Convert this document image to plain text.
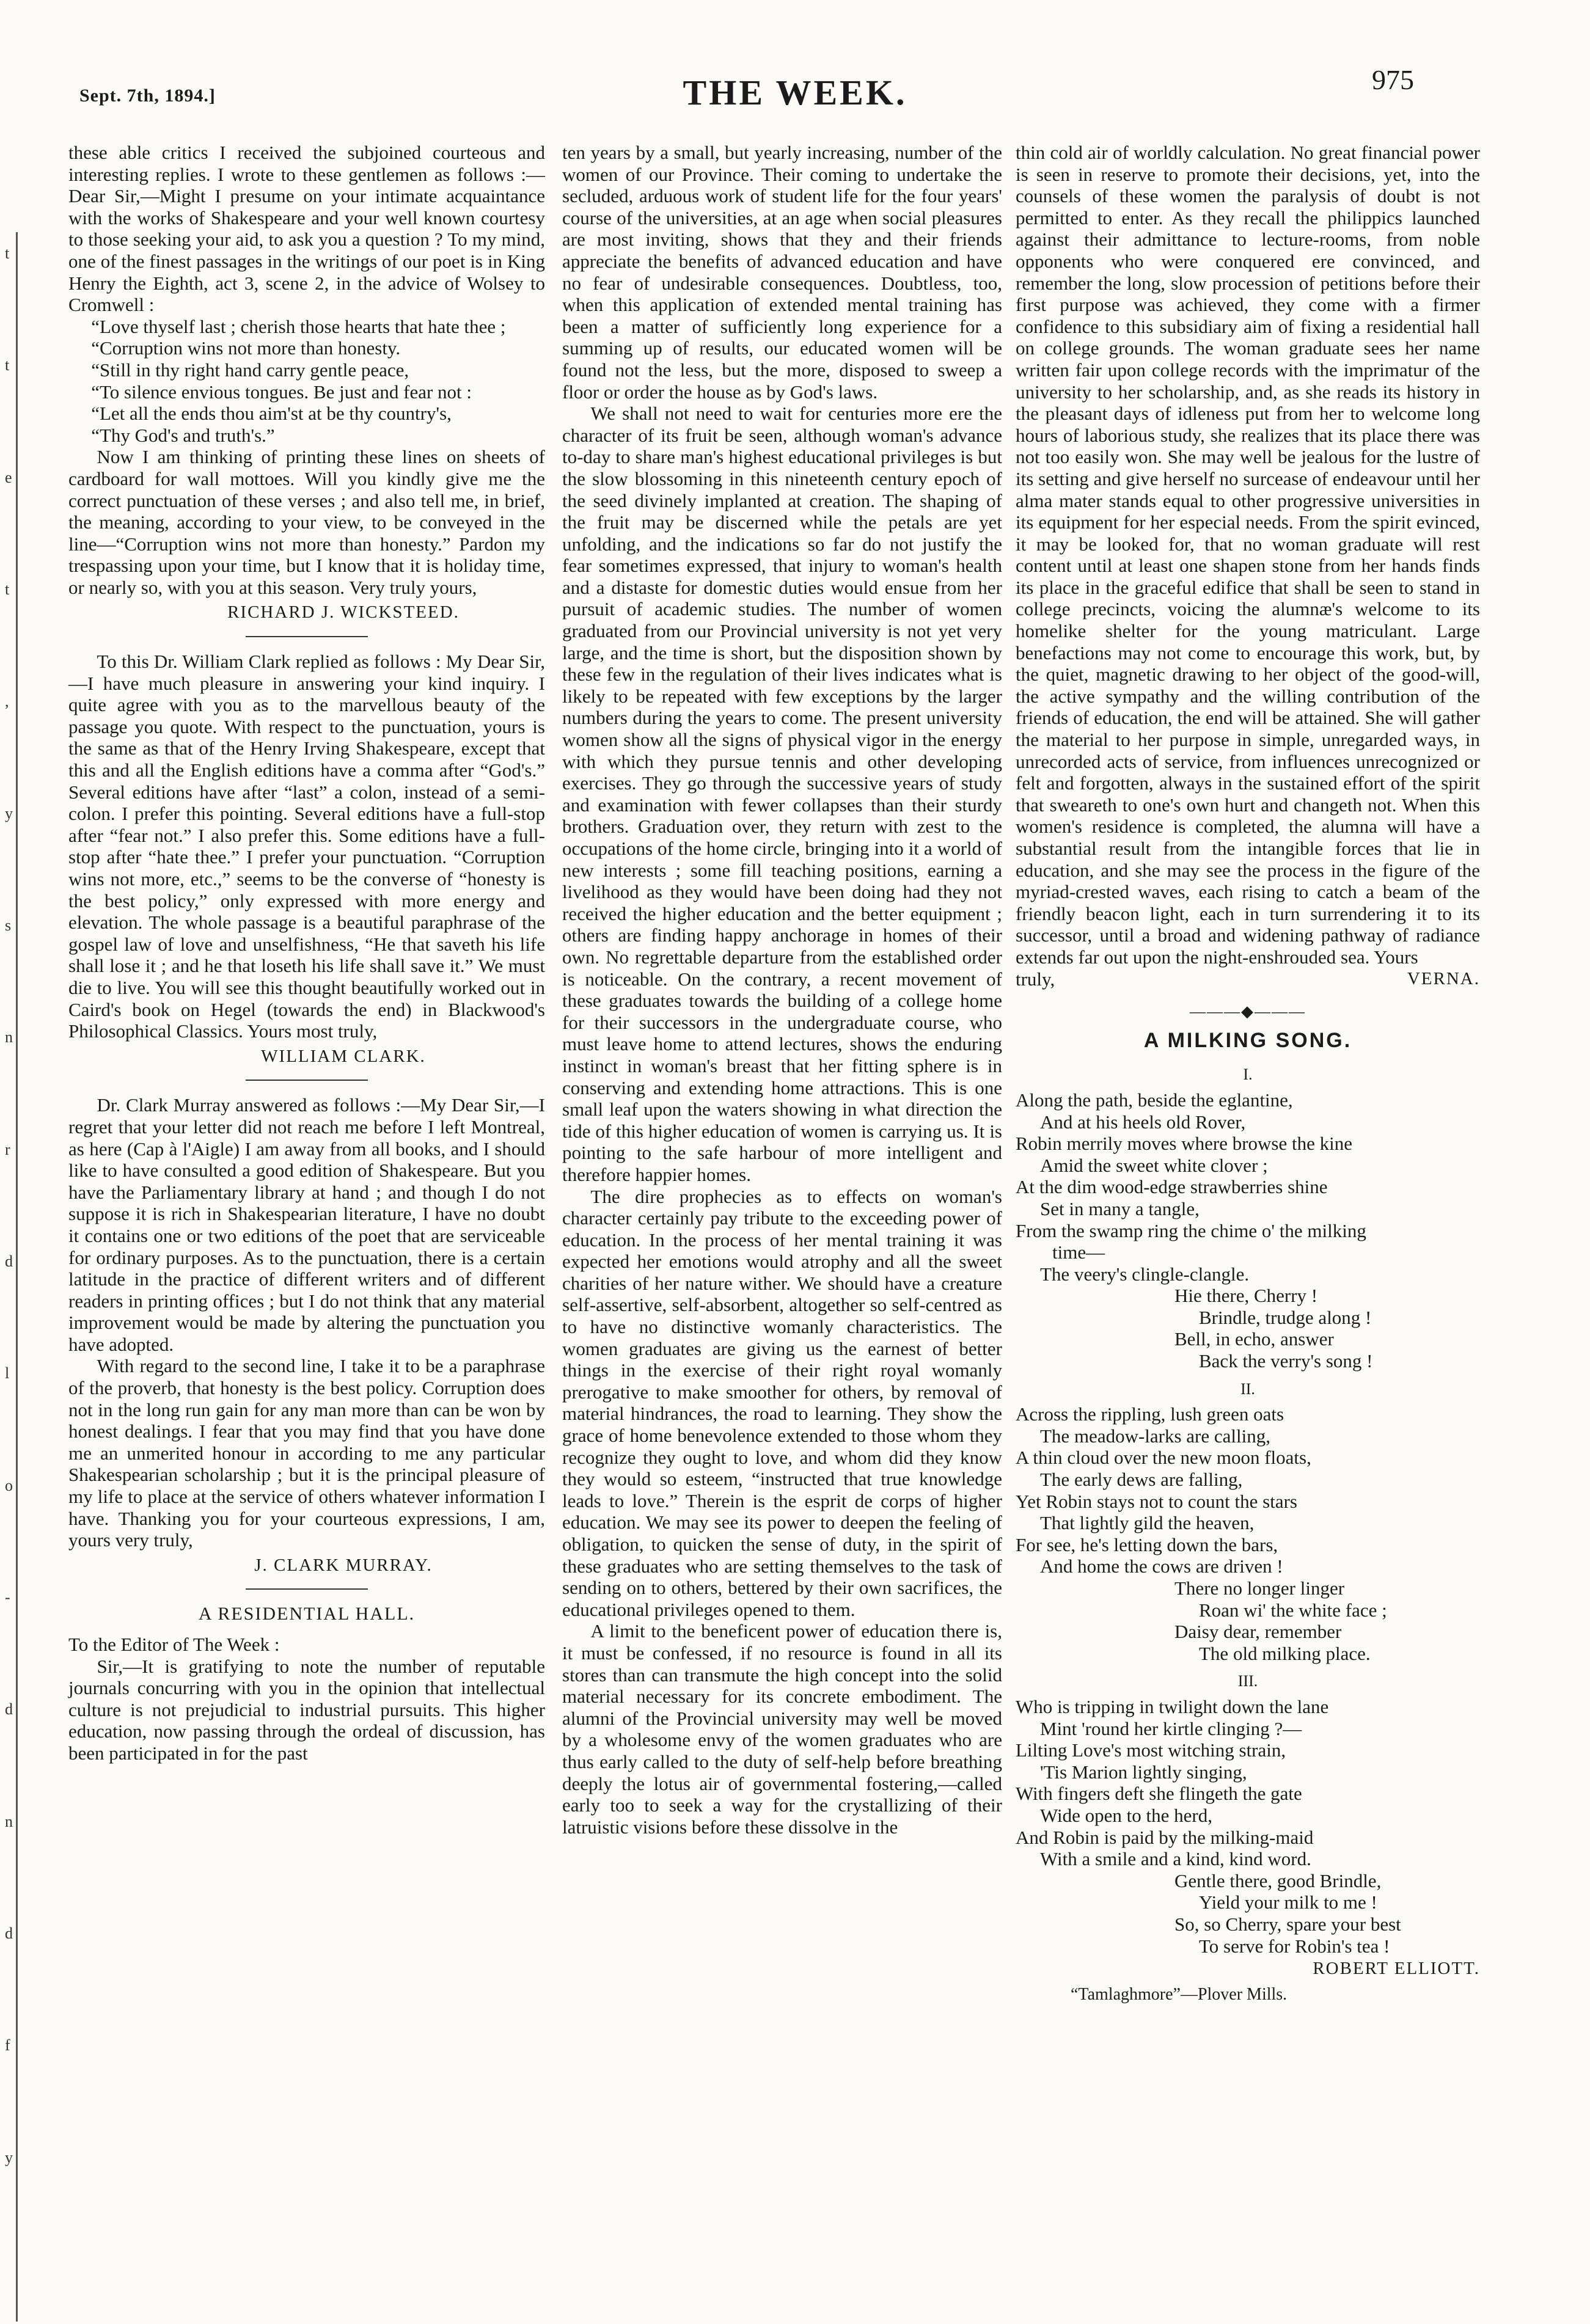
Sept. 7th, 1894.]	THE WEEK.	975
t
t
e
t
,
y
s
n
r
d
l
o
-
d
n
d
f
y

these able critics I received the subjoined courteous and interesting replies. I wrote to these gentlemen as follows :—Dear Sir,—Might I presume on your intimate acquaintance with the works of Shakespeare and your well known courtesy to those seeking your aid, to ask you a question ? To my mind, one of the finest passages in the writings of our poet is in King Henry the Eighth, act 3, scene 2, in the advice of Wolsey to Cromwell :

“Love thyself last ; cherish those hearts that hate thee ;

“Corruption wins not more than honesty.

“Still in thy right hand carry gentle peace,

“To silence envious tongues. Be just and fear not :

“Let all the ends thou aim'st at be thy country's,

“Thy God's and truth's.”

Now I am thinking of printing these lines on sheets of cardboard for wall mottoes. Will you kindly give me the correct punctuation of these verses ; and also tell me, in brief, the meaning, according to your view, to be conveyed in the line—“Corruption wins not more than honesty.” Pardon my trespassing upon your time, but I know that it is holiday time, or nearly so, with you at this season. Very truly yours,

RICHARD J. WICKSTEED.

To this Dr. William Clark replied as follows : My Dear Sir,—I have much pleasure in answering your kind inquiry. I quite agree with you as to the marvellous beauty of the passage you quote. With respect to the punctuation, yours is the same as that of the Henry Irving Shakespeare, except that this and all the English editions have a comma after “God's.” Several editions have after “last” a colon, instead of a semi-colon. I prefer this pointing. Several editions have a full-stop after “fear not.” I also prefer this. Some editions have a full-stop after “hate thee.” I prefer your punctuation. “Corruption wins not more, etc.,” seems to be the converse of “honesty is the best policy,” only expressed with more energy and elevation. The whole passage is a beautiful paraphrase of the gospel law of love and unselfishness, “He that saveth his life shall lose it ; and he that loseth his life shall save it.” We must die to live. You will see this thought beautifully worked out in Caird's book on Hegel (towards the end) in Blackwood's Philosophical Classics. Yours most truly,

WILLIAM CLARK.

Dr. Clark Murray answered as follows :—My Dear Sir,—I regret that your letter did not reach me before I left Montreal, as here (Cap à l'Aigle) I am away from all books, and I should like to have consulted a good edition of Shakespeare. But you have the Parliamentary library at hand ; and though I do not suppose it is rich in Shakespearian literature, I have no doubt it contains one or two editions of the poet that are serviceable for ordinary purposes. As to the punctuation, there is a certain latitude in the practice of different writers and of different readers in printing offices ; but I do not think that any material improvement would be made by altering the punctuation you have adopted.

With regard to the second line, I take it to be a paraphrase of the proverb, that honesty is the best policy. Corruption does not in the long run gain for any man more than can be won by honest dealings. I fear that you may find that you have done me an unmerited honour in according to me any particular Shakespearian scholarship ; but it is the principal pleasure of my life to place at the service of others whatever information I have. Thanking you for your courteous expressions, I am, yours very truly,

J. CLARK MURRAY.
A RESIDENTIAL HALL.

To the Editor of The Week :

Sir,—It is gratifying to note the number of reputable journals concurring with you in the opinion that intellectual culture is not prejudicial to industrial pursuits. This higher education, now passing through the ordeal of discussion, has been participated in for the past

ten years by a small, but yearly increasing, number of the women of our Province. Their coming to undertake the secluded, arduous work of student life for the four years' course of the universities, at an age when social pleasures are most inviting, shows that they and their friends appreciate the benefits of advanced education and have no fear of undesirable consequences. Doubtless, too, when this application of extended mental training has been a matter of sufficiently long experience for a summing up of results, our educated women will be found not the less, but the more, disposed to sweep a floor or order the house as by God's laws.

We shall not need to wait for centuries more ere the character of its fruit be seen, although woman's advance to-day to share man's highest educational privileges is but the slow blossoming in this nineteenth century epoch of the seed divinely implanted at creation. The shaping of the fruit may be discerned while the petals are yet unfolding, and the indications so far do not justify the fear sometimes expressed, that injury to woman's health and a distaste for domestic duties would ensue from her pursuit of academic studies. The number of women graduated from our Provincial university is not yet very large, and the time is short, but the disposition shown by these few in the regulation of their lives indicates what is likely to be repeated with few exceptions by the larger numbers during the years to come. The present university women show all the signs of physical vigor in the energy with which they pursue tennis and other developing exercises. They go through the successive years of study and examination with fewer collapses than their sturdy brothers. Graduation over, they return with zest to the occupations of the home circle, bringing into it a world of new interests ; some fill teaching positions, earning a livelihood as they would have been doing had they not received the higher education and the better equipment ; others are finding happy anchorage in homes of their own. No regrettable departure from the established order is noticeable. On the contrary, a recent movement of these graduates towards the building of a college home for their successors in the undergraduate course, who must leave home to attend lectures, shows the enduring instinct in woman's breast that her fitting sphere is in conserving and extending home attractions. This is one small leaf upon the waters showing in what direction the tide of this higher education of women is carrying us. It is pointing to the safe harbour of more intelligent and therefore happier homes.

The dire prophecies as to effects on woman's character certainly pay tribute to the exceeding power of education. In the process of her mental training it was expected her emotions would atrophy and all the sweet charities of her nature wither. We should have a creature self-assertive, self-absorbent, altogether so self-centred as to have no distinctive womanly characteristics. The women graduates are giving us the earnest of better things in the exercise of their right royal womanly prerogative to make smoother for others, by removal of material hindrances, the road to learning. They show the grace of home benevolence extended to those whom they recognize they ought to love, and whom did they know they would so esteem, “instructed that true knowledge leads to love.” Therein is the esprit de corps of higher education. We may see its power to deepen the feeling of obligation, to quicken the sense of duty, in the spirit of these graduates who are setting themselves to the task of sending on to others, bettered by their own sacrifices, the educational privileges opened to them.

A limit to the beneficent power of education there is, it must be confessed, if no resource is found in all its stores than can transmute the high concept into the solid material necessary for its concrete embodiment. The alumni of the Provincial university may well be moved by a wholesome envy of the women graduates who are thus early called to the duty of self-help before breathing deeply the lotus air of governmental fostering,—called early too to seek a way for the crystallizing of their latruistic visions before these dissolve in the

thin cold air of worldly calculation. No great financial power is seen in reserve to promote their decisions, yet, into the counsels of these women the paralysis of doubt is not permitted to enter. As they recall the philippics launched against their admittance to lecture-rooms, from noble opponents who were conquered ere convinced, and remember the long, slow procession of petitions before their first purpose was achieved, they come with a firmer confidence to this subsidiary aim of fixing a residential hall on college grounds. The woman graduate sees her name written fair upon college records with the imprimatur of the university to her scholarship, and, as she reads its history in the pleasant days of idleness put from her to welcome long hours of laborious study, she realizes that its place there was not too easily won. She may well be jealous for the lustre of its setting and give herself no surcease of endeavour until her alma mater stands equal to other progressive universities in its equipment for her especial needs. From the spirit evinced, it may be looked for, that no woman graduate will rest content until at least one shapen stone from her hands finds its place in the graceful edifice that shall be seen to stand in college precincts, voicing the alumnæ's welcome to its homelike shelter for the young matriculant. Large benefactions may not come to encourage this work, but, by the quiet, magnetic drawing to her object of the good-will, the active sympathy and the willing contribution of the friends of education, the end will be attained. She will gather the material to her purpose in simple, unregarded ways, in unrecorded acts of service, from influences unrecognized or felt and forgotten, always in the sustained effort of the spirit that sweareth to one's own hurt and changeth not. When this women's residence is completed, the alumna will have a substantial result from the intangible forces that lie in education, and she may see the process in the figure of the myriad-crested waves, each rising to catch a beam of the friendly beacon light, each in turn surrendering it to its successor, until a broad and widening pathway of radiance extends far out upon the night-enshrouded sea. Yours

truly,	VERNA.
———◆———
A MILKING SONG.
I.

Along the path, beside the eglantine,

And at his heels old Rover,

Robin merrily moves where browse the kine

Amid the sweet white clover ;

At the dim wood-edge strawberries shine

Set in many a tangle,

From the swamp ring the chime o' the milking

time—

The veery's clingle-clangle.

Hie there, Cherry !

Brindle, trudge along !

Bell, in echo, answer

Back the verry's song !

II.

Across the rippling, lush green oats

The meadow-larks are calling,

A thin cloud over the new moon floats,

The early dews are falling,

Yet Robin stays not to count the stars

That lightly gild the heaven,

For see, he's letting down the bars,

And home the cows are driven !

There no longer linger

Roan wi' the white face ;

Daisy dear, remember

The old milking place.

III.

Who is tripping in twilight down the lane

Mint 'round her kirtle clinging ?—

Lilting Love's most witching strain,

'Tis Marion lightly singing,

With fingers deft she flingeth the gate

Wide open to the herd,

And Robin is paid by the milking-maid

With a smile and a kind, kind word.

Gentle there, good Brindle,

Yield your milk to me !

So, so Cherry, spare your best

To serve for Robin's tea !

ROBERT ELLIOTT.
“Tamlaghmore”—Plover Mills.
